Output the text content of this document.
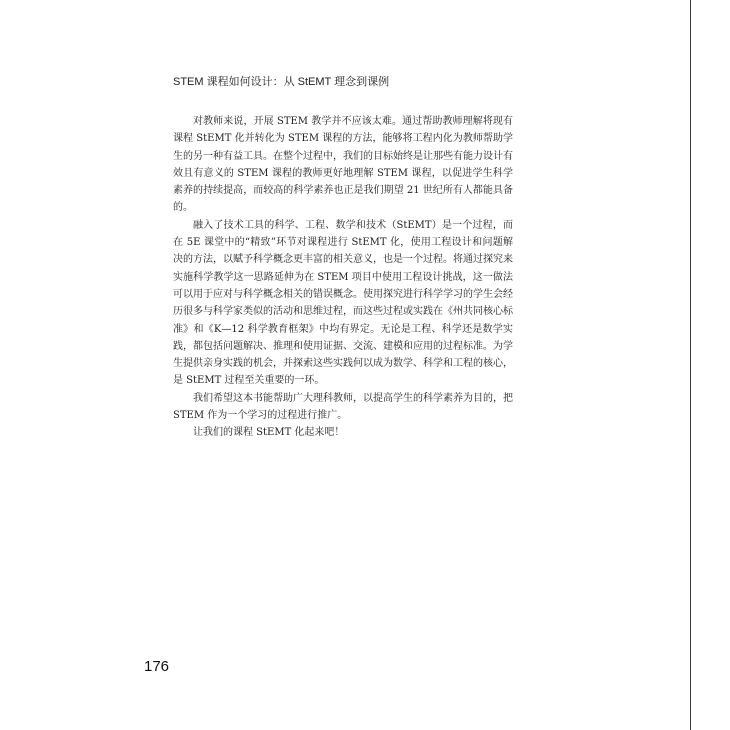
STEM 课程如何设计：从 StEMT 理念到课例

对教师来说，开展 STEM 教学并不应该太难。通过帮助教师理解将现有课程 StEMT 化并转化为 STEM 课程的方法，能够将工程内化为教师帮助学生的另一种有益工具。在整个过程中，我们的目标始终是让那些有能力设计有效且有意义的 STEM 课程的教师更好地理解 STEM 课程，以促进学生科学素养的持续提高，而较高的科学素养也正是我们期望 21 世纪所有人都能具备的。

融入了技术工具的科学、工程、数学和技术（StEMT）是一个过程，而在 5E 课堂中的“精致”环节对课程进行 StEMT 化，使用工程设计和问题解决的方法，以赋予科学概念更丰富的相关意义，也是一个过程。将通过探究来实施科学教学这一思路延伸为在 STEM 项目中使用工程设计挑战，这一做法可以用于应对与科学概念相关的错误概念。使用探究进行科学学习的学生会经历很多与科学家类似的活动和思维过程，而这些过程或实践在《州共同核心标准》和《K—12 科学教育框架》中均有界定。无论是工程、科学还是数学实践，都包括问题解决、推理和使用证据、交流、建模和应用的过程标准。为学生提供亲身实践的机会，并探索这些实践何以成为数学、科学和工程的核心，是 StEMT 过程至关重要的一环。

我们希望这本书能帮助广大理科教师，以提高学生的科学素养为目的，把 STEM 作为一个学习的过程进行推广。

让我们的课程 StEMT 化起来吧！

176
